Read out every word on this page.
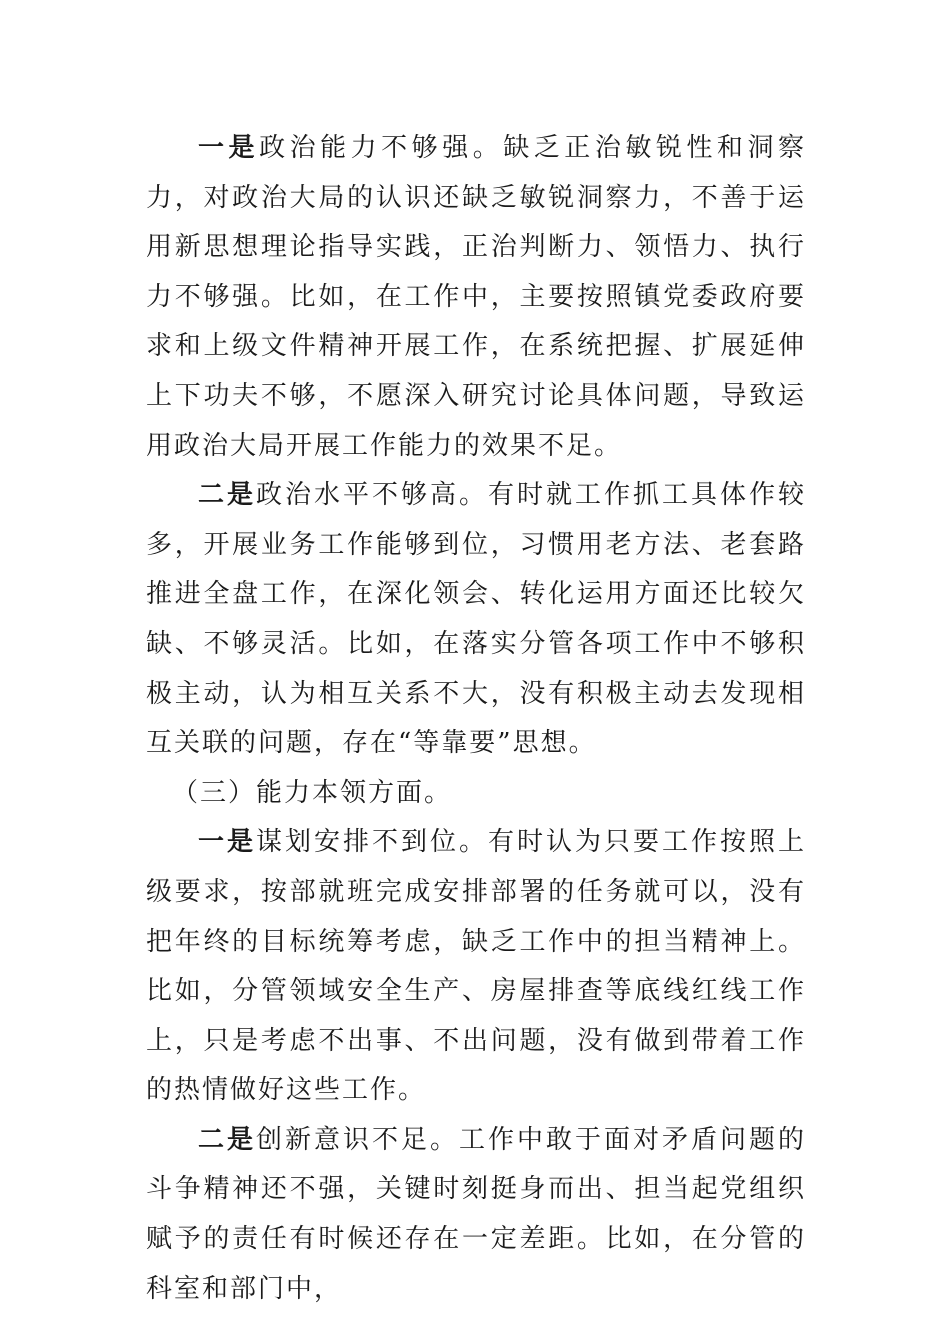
一是政治能力不够强。缺乏正治敏锐性和洞察力，对政治大局的认识还缺乏敏锐洞察力，不善于运用新思想理论指导实践，正治判断力、领悟力、执行力不够强。比如，在工作中，主要按照镇党委政府要求和上级文件精神开展工作，在系统把握、扩展延伸上下功夫不够，不愿深入研究讨论具体问题，导致运用政治大局开展工作能力的效果不足。

二是政治水平不够高。有时就工作抓工具体作较多，开展业务工作能够到位，习惯用老方法、老套路推进全盘工作，在深化领会、转化运用方面还比较欠缺、不够灵活。比如，在落实分管各项工作中不够积极主动，认为相互关系不大，没有积极主动去发现相互关联的问题，存在“等靠要”思想。

（三）能力本领方面。

一是谋划安排不到位。有时认为只要工作按照上级要求，按部就班完成安排部署的任务就可以，没有把年终的目标统筹考虑，缺乏工作中的担当精神上。比如，分管领域安全生产、房屋排查等底线红线工作上，只是考虑不出事、不出问题，没有做到带着工作的热情做好这些工作。

二是创新意识不足。工作中敢于面对矛盾问题的斗争精神还不强，关键时刻挺身而出、担当起党组织赋予的责任有时候还存在一定差距。比如，在分管的科室和部门中，
